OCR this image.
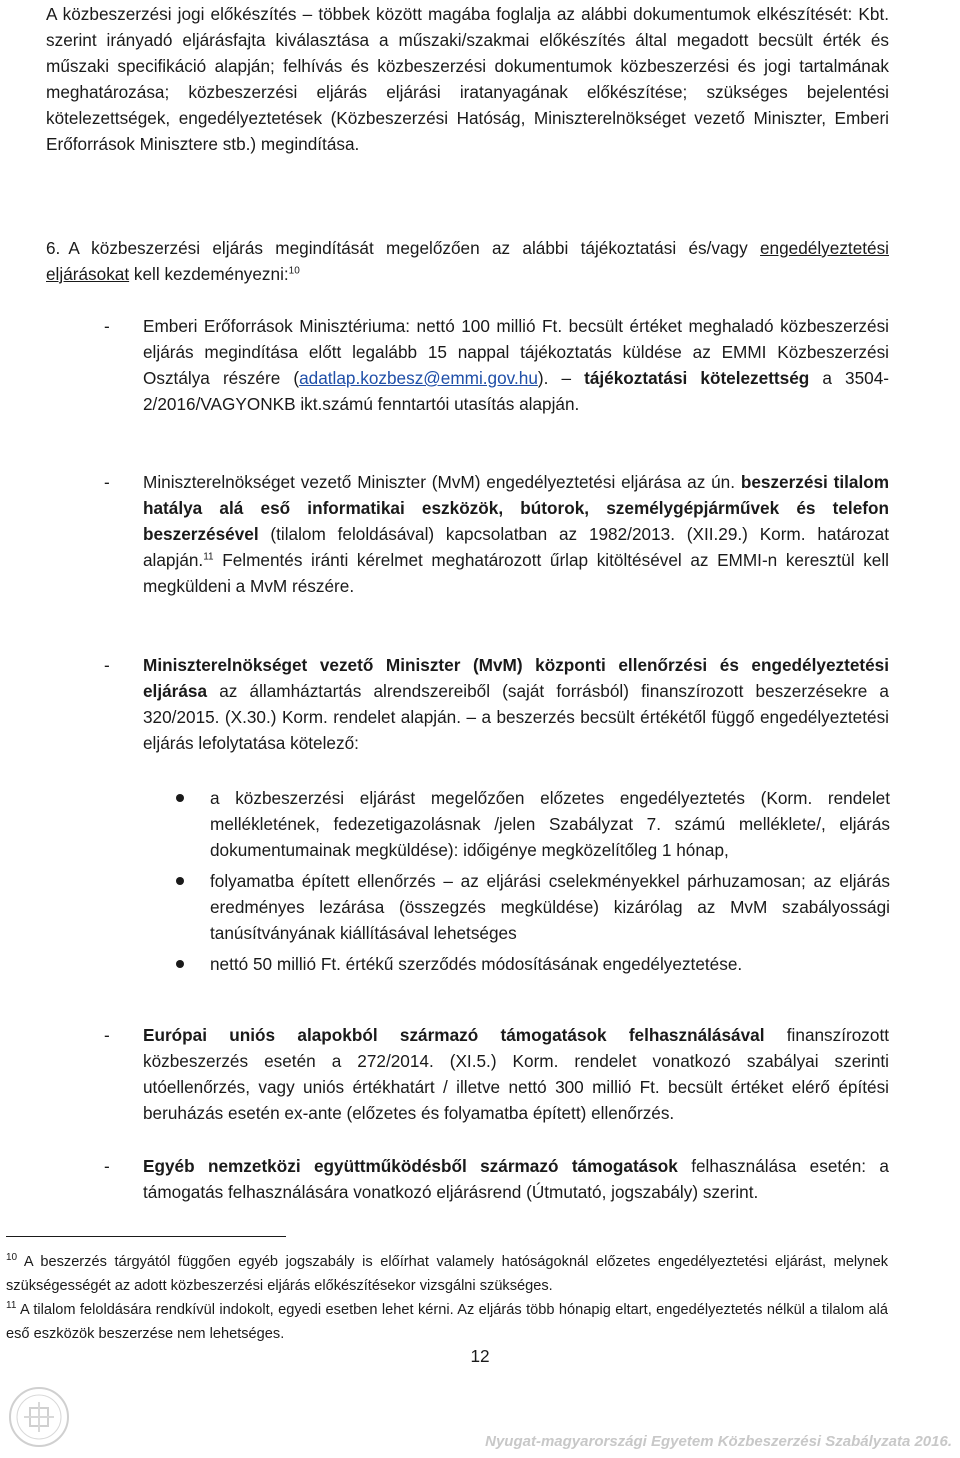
A közbeszerzési jogi előkészítés – többek között magába foglalja az alábbi dokumentumok elkészítését: Kbt. szerint irányadó eljárásfajta kiválasztása a műszaki/szakmai előkészítés által megadott becsült érték és műszaki specifikáció alapján; felhívás és közbeszerzési dokumentumok közbeszerzési és jogi tartalmának meghatározása; közbeszerzési eljárás eljárási iratanyagának előkészítése; szükséges bejelentési kötelezettségek, engedélyeztetések (Közbeszerzési Hatóság, Miniszterelnökséget vezető Miniszter, Emberi Erőforrások Minisztere stb.) megindítása.

6. A közbeszerzési eljárás megindítását megelőzően az alábbi tájékoztatási és/vagy engedélyeztetési eljárásokat kell kezdeményezni:$^{10}$

- Emberi Erőforrások Minisztériuma: nettó 100 millió Ft. becsült értéket meghaladó közbeszerzési eljárás megindítása előtt legalább 15 nappal tájékoztatás küldése az EMMI Közbeszerzési Osztálya részére (adatlap.kozbesz@emmi.gov.hu). – tájékoztatási kötelezettség a 3504-2/2016/VAGYONKB ikt.számú fenntartói utasítás alapján.

- Miniszterelnökséget vezető Miniszter (MvM) engedélyeztetési eljárása az ún. beszerzési tilalom hatálya alá eső informatikai eszközök, bútorok, személygépjárművek és telefon beszerzésével (tilalom feloldásával) kapcsolatban az 1982/2013. (XII.29.) Korm. határozat alapján.$^{11}$ Felmentés iránti kérelmet meghatározott űrlap kitöltésével az EMMI-n keresztül kell megküldeni a MvM részére.

- Miniszterelnökséget vezető Miniszter (MvM) központi ellenőrzési és engedélyeztetési eljárása az államháztartás alrendszereiből (saját forrásból) finanszírozott beszerzésekre a 320/2015. (X.30.) Korm. rendelet alapján. – a beszerzés becsült értékétől függő engedélyeztetési eljárás lefolytatása kötelező:

a közbeszerzési eljárást megelőzően előzetes engedélyeztetés (Korm. rendelet mellékletének, fedezetigazolásnak /jelen Szabályzat 7. számú melléklete/, eljárás dokumentumainak megküldése): időigénye megközelítőleg 1 hónap,
folyamatba épített ellenőrzés – az eljárási cselekményekkel párhuzamosan; az eljárás eredményes lezárása (összegzés megküldése) kizárólag az MvM szabályossági tanúsítványának kiállításával lehetséges
nettó 50 millió Ft. értékű szerződés módosításának engedélyeztetése.
- Európai uniós alapokból származó támogatások felhasználásával finanszírozott közbeszerzés esetén a 272/2014. (XI.5.) Korm. rendelet vonatkozó szabályai szerinti utóellenőrzés, vagy uniós értékhatárt / illetve nettó 300 millió Ft. becsült értéket elérő építési beruházás esetén ex-ante (előzetes és folyamatba épített) ellenőrzés.

- Egyéb nemzetközi együttműködésből származó támogatások felhasználása esetén: a támogatás felhasználására vonatkozó eljárásrend (Útmutató, jogszabály) szerint.

$^{10}$ A beszerzés tárgyától függően egyéb jogszabály is előírhat valamely hatóságoknál előzetes engedélyeztetési eljárást, melynek szükségességét az adott közbeszerzési eljárás előkészítésekor vizsgálni szükséges.

$^{11}$ A tilalom feloldására rendkívül indokolt, egyedi esetben lehet kérni. Az eljárás több hónapig eltart, engedélyeztetés nélkül a tilalom alá eső eszközök beszerzése nem lehetséges.

12
Nyugat-magyarországi Egyetem Közbeszerzési Szabályzata 2016.
